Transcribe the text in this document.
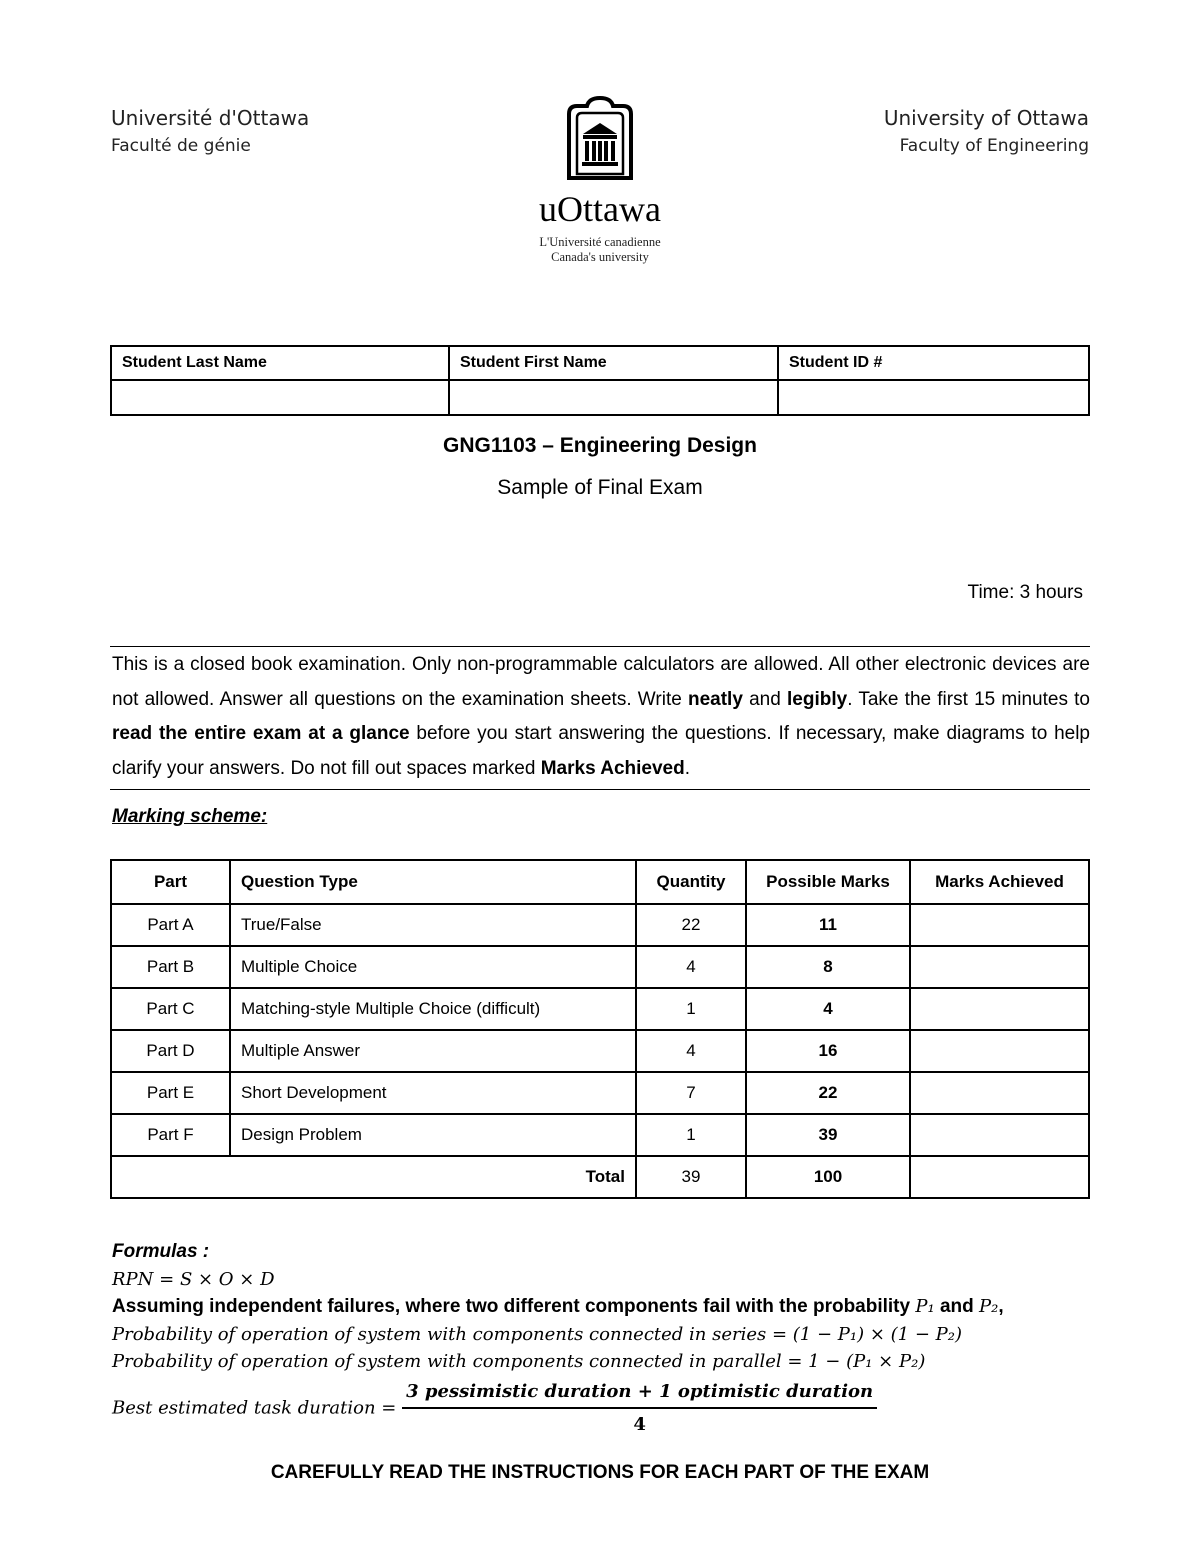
Université d'Ottawa
Faculté de génie
uOttawa
L'Université canadienne
Canada's university
University of Ottawa
Faculty of Engineering
Student Last Name	Student First Name	Student ID #

GNG1103 – Engineering Design
Sample of Final Exam
Time: 3 hours
This is a closed book examination. Only non-programmable calculators are allowed. All other electronic devices are not allowed. Answer all questions on the examination sheets. Write neatly and legibly. Take the first 15 minutes to read the entire exam at a glance before you start answering the questions. If necessary, make diagrams to help clarify your answers. Do not fill out spaces marked Marks Achieved.
Marking scheme:
Part	Question Type	Quantity	Possible Marks	Marks Achieved
Part A	True/False	22	11	
Part B	Multiple Choice	4	8	
Part C	Matching-style Multiple Choice (difficult)	1	4	
Part D	Multiple Answer	4	16	
Part E	Short Development	7	22	
Part F	Design Problem	1	39	
Total		39	100	
Formulas :
RPN = S × O × D
Assuming independent failures, where two different components fail with the probability P₁ and P₂,
Probability of operation of system with components connected in series = (1 − P₁) × (1 − P₂)
Probability of operation of system with components connected in parallel = 1 − (P₁ × P₂)
Best estimated task duration = $\frac{\text{3 pessimistic duration + 1 optimistic duration}}{4}$
CAREFULLY READ THE INSTRUCTIONS FOR EACH PART OF THE EXAM
